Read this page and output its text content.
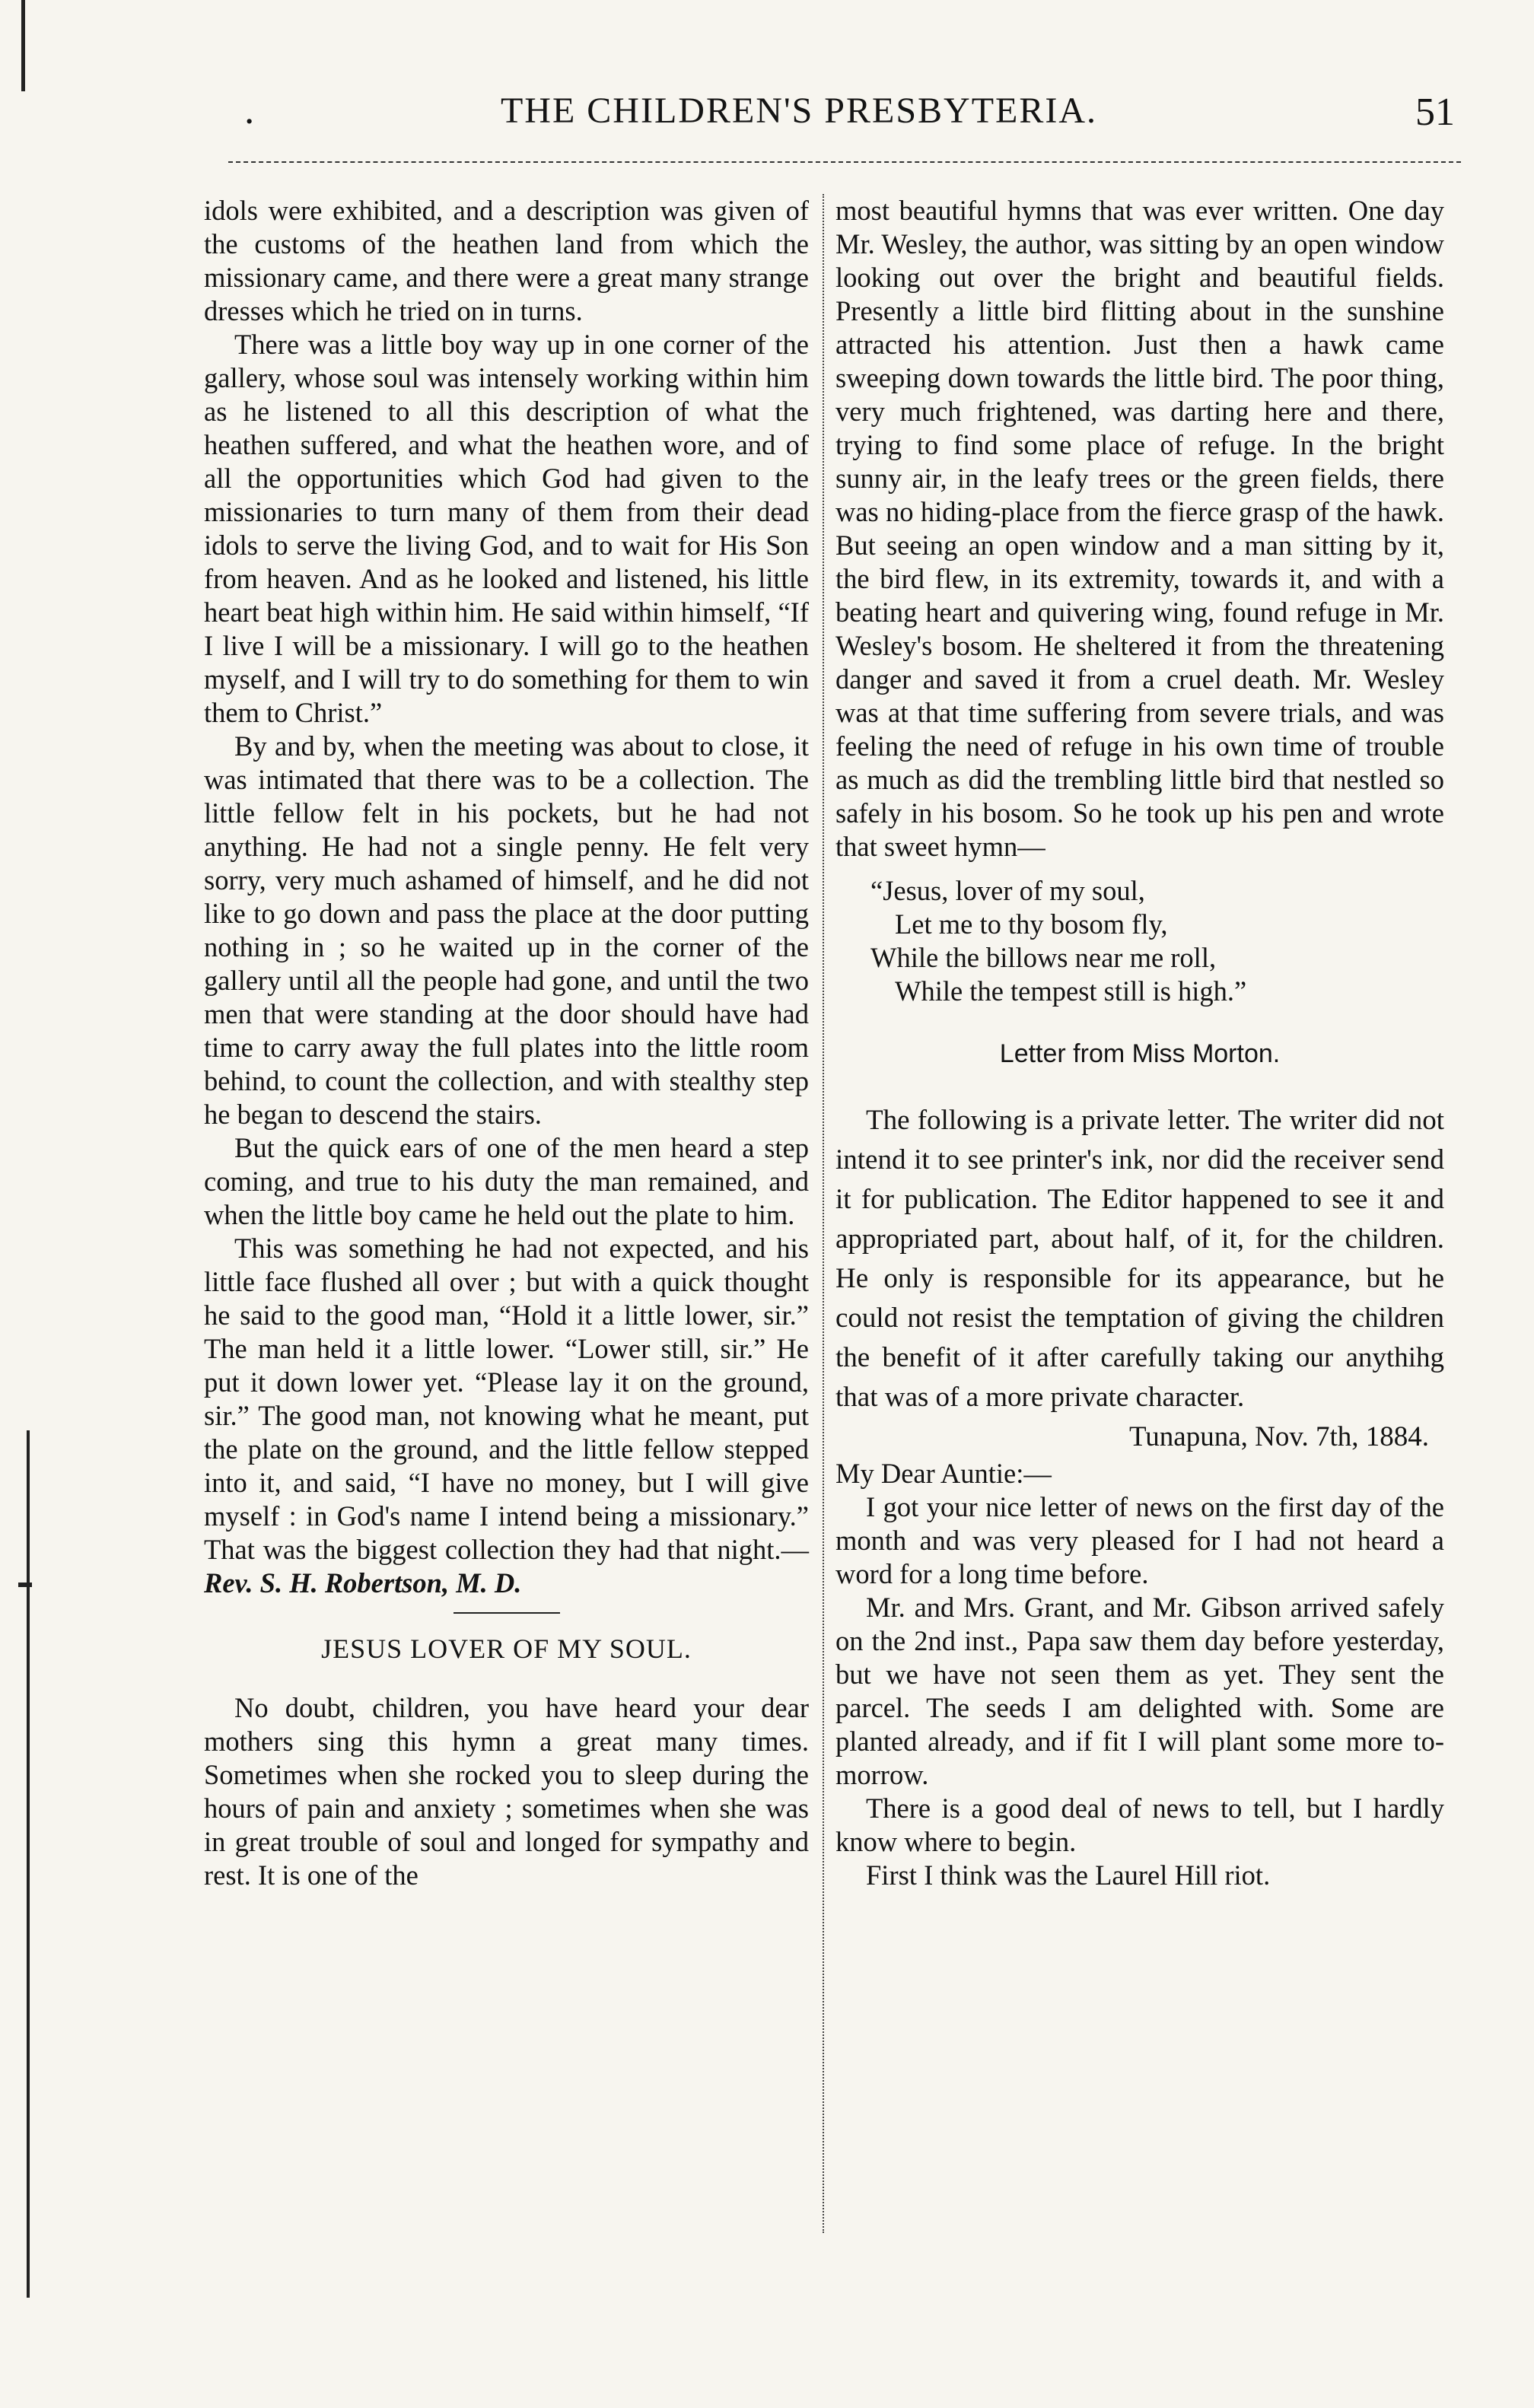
.	THE CHILDREN'S PRESBYTERIA.	51

idols were exhibited, and a description was given of the customs of the heathen land from which the missionary came, and there were a great many strange dresses which he tried on in turns.

There was a little boy way up in one corner of the gallery, whose soul was intensely working within him as he listened to all this description of what the heathen suffered, and what the heathen wore, and of all the opportunities which God had given to the missionaries to turn many of them from their dead idols to serve the living God, and to wait for His Son from heaven. And as he looked and listened, his little heart beat high within him. He said within himself, “If I live I will be a missionary. I will go to the heathen myself, and I will try to do something for them to win them to Christ.”

By and by, when the meeting was about to close, it was intimated that there was to be a collection. The little fellow felt in his pockets, but he had not anything. He had not a single penny. He felt very sorry, very much ashamed of himself, and he did not like to go down and pass the place at the door putting nothing in ; so he waited up in the corner of the gallery until all the people had gone, and until the two men that were standing at the door should have had time to carry away the full plates into the little room behind, to count the collection, and with stealthy step he began to descend the stairs.

But the quick ears of one of the men heard a step coming, and true to his duty the man remained, and when the little boy came he held out the plate to him.

This was something he had not expected, and his little face flushed all over ; but with a quick thought he said to the good man, “Hold it a little lower, sir.” The man held it a little lower. “Lower still, sir.” He put it down lower yet. “Please lay it on the ground, sir.” The good man, not knowing what he meant, put the plate on the ground, and the little fellow stepped into it, and said, “I have no money, but I will give myself : in God's name I intend being a missionary.” That was the biggest collection they had that night.—Rev. S. H. Robertson, M. D.

JESUS LOVER OF MY SOUL.

No doubt, children, you have heard your dear mothers sing this hymn a great many times. Sometimes when she rocked you to sleep during the hours of pain and anxiety ; sometimes when she was in great trouble of soul and longed for sympathy and rest. It is one of the

most beautiful hymns that was ever written. One day Mr. Wesley, the author, was sitting by an open window looking out over the bright and beautiful fields. Presently a little bird flitting about in the sunshine attracted his attention. Just then a hawk came sweeping down towards the little bird. The poor thing, very much frightened, was darting here and there, trying to find some place of refuge. In the bright sunny air, in the leafy trees or the green fields, there was no hiding-place from the fierce grasp of the hawk. But seeing an open window and a man sitting by it, the bird flew, in its extremity, towards it, and with a beating heart and quivering wing, found refuge in Mr. Wesley's bosom. He sheltered it from the threatening danger and saved it from a cruel death. Mr. Wesley was at that time suffering from severe trials, and was feeling the need of refuge in his own time of trouble as much as did the trembling little bird that nestled so safely in his bosom. So he took up his pen and wrote that sweet hymn—

“Jesus, lover of my soul,
Let me to thy bosom fly,
While the billows near me roll,
While the tempest still is high.”
Letter from Miss Morton.

The following is a private letter. The writer did not intend it to see printer's ink, nor did the receiver send it for publication. The Editor happened to see it and appropriated part, about half, of it, for the children. He only is responsible for its appearance, but he could not resist the temptation of giving the children the benefit of it after carefully taking our anythihg that was of a more private character.

Tunapuna, Nov. 7th, 1884.

My Dear Auntie:—

I got your nice letter of news on the first day of the month and was very pleased for I had not heard a word for a long time before.

Mr. and Mrs. Grant, and Mr. Gibson arrived safely on the 2nd inst., Papa saw them day before yesterday, but we have not seen them as yet. They sent the parcel. The seeds I am delighted with. Some are planted already, and if fit I will plant some more to-morrow.

There is a good deal of news to tell, but I hardly know where to begin.

First I think was the Laurel Hill riot.
